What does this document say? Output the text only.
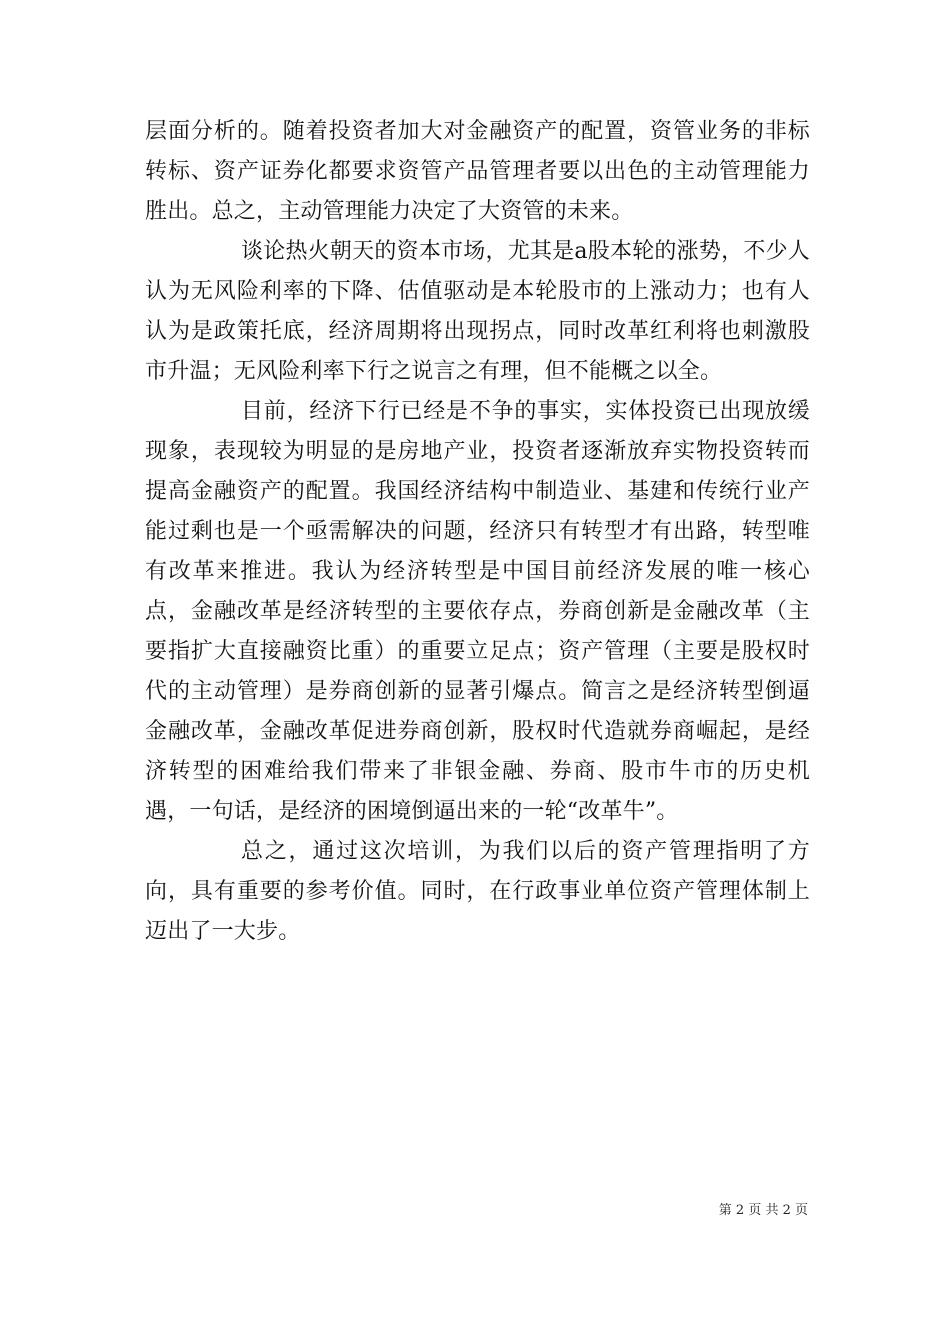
层面分析的。随着投资者加大对金融资产的配置，资管业务的非标转标、资产证券化都要求资管产品管理者要以出色的主动管理能力胜出。总之，主动管理能力决定了大资管的未来。

谈论热火朝天的资本市场，尤其是a股本轮的涨势，不少人认为无风险利率的下降、估值驱动是本轮股市的上涨动力；也有人认为是政策托底，经济周期将出现拐点，同时改革红利将也刺激股市升温；无风险利率下行之说言之有理，但不能概之以全。

目前，经济下行已经是不争的事实，实体投资已出现放缓现象，表现较为明显的是房地产业，投资者逐渐放弃实物投资转而提高金融资产的配置。我国经济结构中制造业、基建和传统行业产能过剩也是一个亟需解决的问题，经济只有转型才有出路，转型唯有改革来推进。我认为经济转型是中国目前经济发展的唯一核心点，金融改革是经济转型的主要依存点，券商创新是金融改革（主要指扩大直接融资比重）的重要立足点；资产管理（主要是股权时代的主动管理）是券商创新的显著引爆点。简言之是经济转型倒逼金融改革，金融改革促进券商创新，股权时代造就券商崛起，是经济转型的困难给我们带来了非银金融、券商、股市牛市的历史机遇，一句话，是经济的困境倒逼出来的一轮“改革牛”。

总之，通过这次培训，为我们以后的资产管理指明了方向，具有重要的参考价值。同时，在行政事业单位资产管理体制上迈出了一大步。

第 2 页 共 2 页
